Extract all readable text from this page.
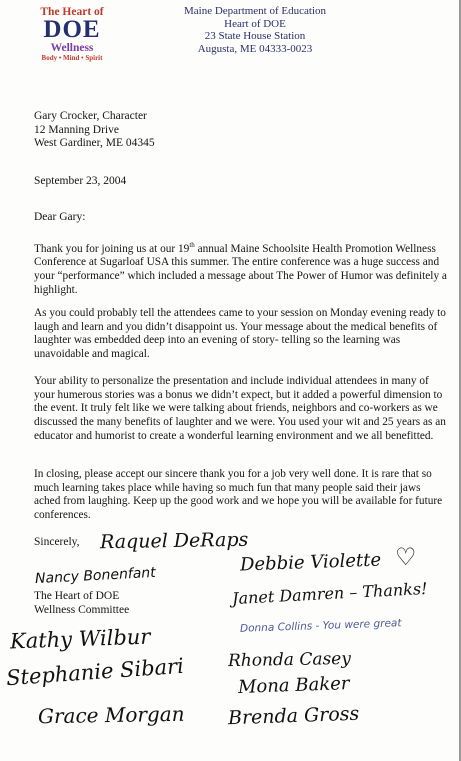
The Heart of
DOE
Wellness
Body • Mind • Spirit
Maine Department of Education
Heart of DOE
23 State House Station
Augusta, ME 04333-0023
Gary Crocker, Character
12 Manning Drive
West Gardiner, ME 04345
September 23, 2004
Dear Gary:
Thank you for joining us at our 19th annual Maine Schoolsite Health Promotion Wellness Conference at Sugarloaf USA this summer. The entire conference was a huge success and your “performance” which included a message about The Power of Humor was definitely a highlight.
As you could probably tell the attendees came to your session on Monday evening ready to laugh and learn and you didn’t disappoint us. Your message about the medical benefits of laughter was embedded deep into an evening of story- telling so the learning was unavoidable and magical.
Your ability to personalize the presentation and include individual attendees in many of your humerous stories was a bonus we didn’t expect, but it added a powerful dimension to the event. It truly felt like we were talking about friends, neighbors and co-workers as we discussed the many benefits of laughter and we were. You used your wit and 25 years as an educator and humorist to create a wonderful learning environment and we all benefitted.
In closing, please accept our sincere thank you for a job very well done. It is rare that so much learning takes place while having so much fun that many people said their jaws ached from laughing. Keep up the good work and we hope you will be available for future conferences.
Sincerely,
The Heart of DOE
Wellness Committee
Raquel DeRaps
Nancy Bonenfant
Debbie Violette ♡
Janet Damren – Thanks!
Donna Collins - You were great
Kathy Wilbur
Rhonda Casey
Stephanie Sibari	Mona Baker
Grace Morgan Brenda Gross
